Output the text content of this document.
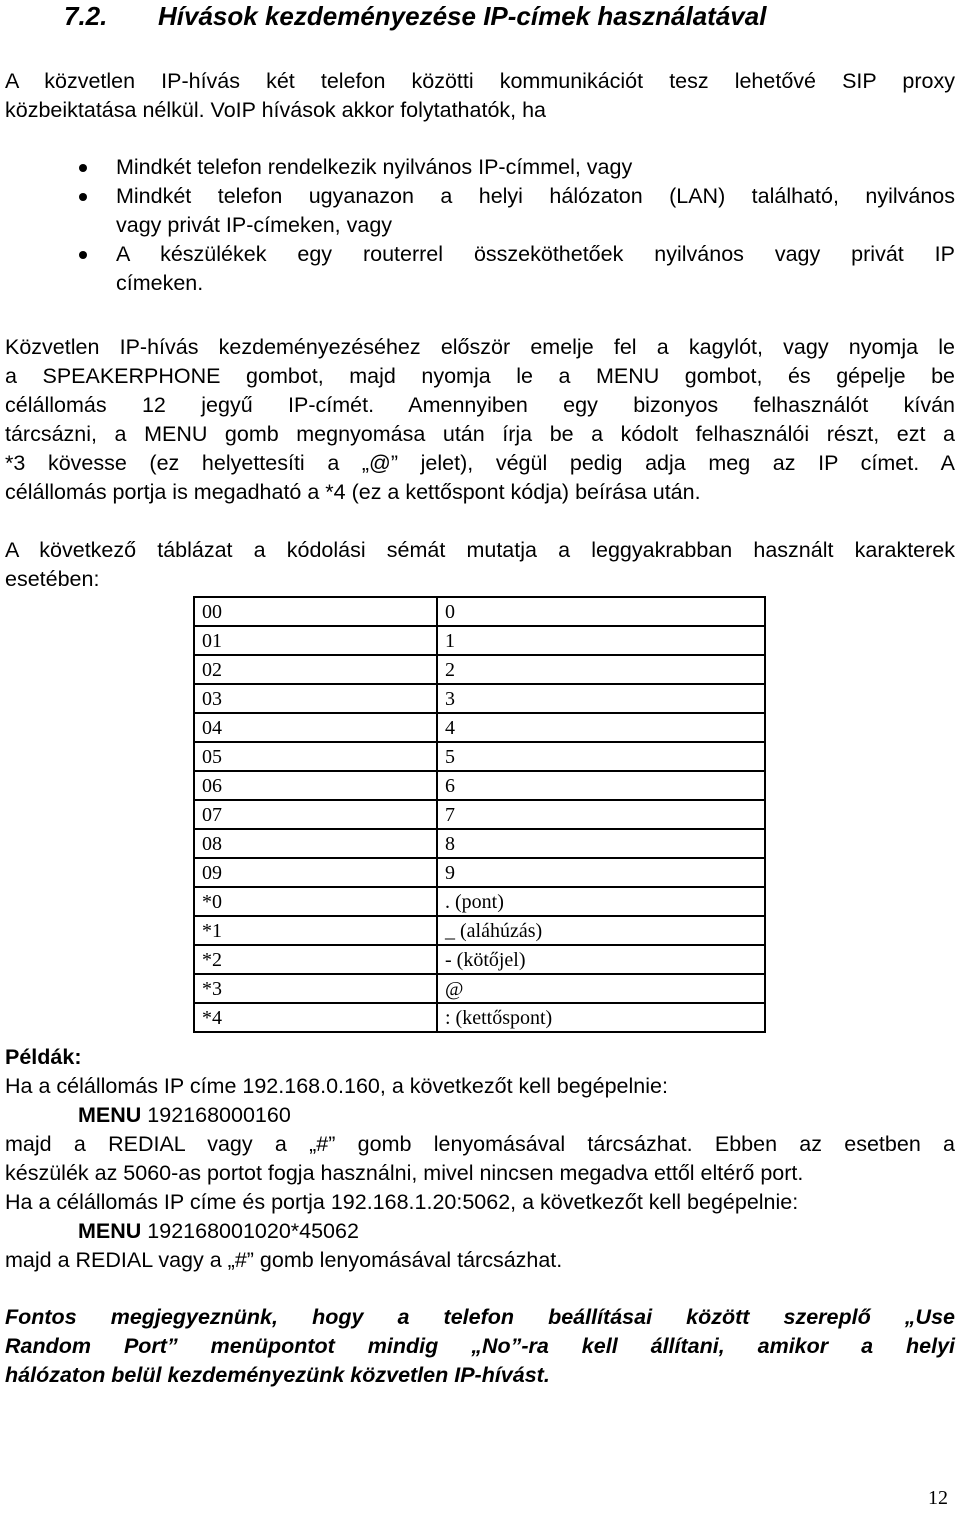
7.2. Hívások kezdeményezése IP-címek használatával
A közvetlen IP-hívás két telefon közötti kommunikációt tesz lehetővé SIP proxy
közbeiktatása nélkül. VoIP hívások akkor folytathatók, ha
Mindkét telefon rendelkezik nyilvános IP-címmel, vagy
Mindkét telefon ugyanazon a helyi hálózaton (LAN) található, nyilvános
vagy privát IP-címeken, vagy
A készülékek egy routerrel összeköthetőek nyilvános vagy privát IP
címeken.
Közvetlen IP-hívás kezdeményezéséhez először emelje fel a kagylót, vagy nyomja le
a SPEAKERPHONE gombot, majd nyomja le a MENU gombot, és gépelje be
célállomás 12 jegyű IP-címét. Amennyiben egy bizonyos felhasználót kíván
tárcsázni, a MENU gomb megnyomása után írja be a kódolt felhasználói részt, ezt a
*3 kövesse (ez helyettesíti a „@” jelet), végül pedig adja meg az IP címet. A
célállomás portja is megadható a *4 (ez a kettőspont kódja) beírása után.
A következő táblázat a kódolási sémát mutatja a leggyakrabban használt karakterek
esetében:
00	0
01	1
02	2
03	3
04	4
05	5
06	6
07	7
08	8
09	9
*0	. (pont)
*1	_ (aláhúzás)
*2	- (kötőjel)
*3	@
*4	: (kettőspont)
Példák:
Ha a célállomás IP címe 192.168.0.160, a következőt kell begépelnie:
MENU 192168000160
majd a REDIAL vagy a „#” gomb lenyomásával tárcsázhat. Ebben az esetben a
készülék az 5060-as portot fogja használni, mivel nincsen megadva ettől eltérő port.
Ha a célállomás IP címe és portja 192.168.1.20:5062, a következőt kell begépelnie:
MENU 192168001020*45062
majd a REDIAL vagy a „#” gomb lenyomásával tárcsázhat.
Fontos megjegyeznünk, hogy a telefon beállításai között szereplő „Use
Random Port” menüpontot mindig „No”-ra kell állítani, amikor a helyi
hálózaton belül kezdeményezünk közvetlen IP-hívást.
12
